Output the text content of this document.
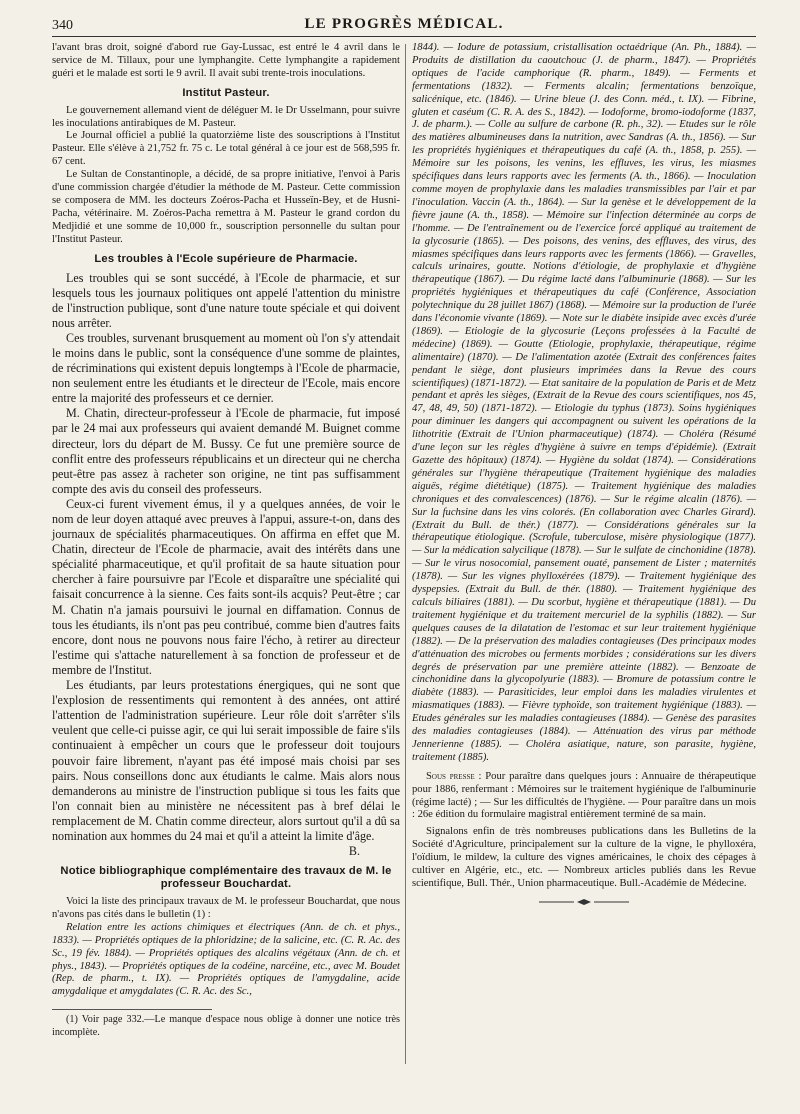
340	LE PROGRÈS MÉDICAL.

l'avant bras droit, soigné d'abord rue Gay-Lussac, est entré le 4 avril dans le service de M. Tillaux, pour une lymphangite. Cette lymphangite a rapidement guéri et le malade est sorti le 9 avril. Il avait subi trente-trois inoculations.

Institut Pasteur.

Le gouvernement allemand vient de déléguer M. le Dr Usselmann, pour suivre les inoculations antirabiques de M. Pasteur.

Le Journal officiel a publié la quatorzième liste des souscriptions à l'Institut Pasteur. Elle s'élève à 21,752 fr. 75 c. Le total général à ce jour est de 568,595 fr. 67 cent.

Le Sultan de Constantinople, a décidé, de sa propre initiative, l'envoi à Paris d'une commission chargée d'étudier la méthode de M. Pasteur. Cette commission se composera de MM. les docteurs Zoéros-Pacha et Husseïn-Bey, et de Husni-Pacha, vétérinaire. M. Zoéros-Pacha remettra à M. Pasteur le grand cordon du Medjidié et une somme de 10,000 fr., souscription personnelle du sultan pour l'Institut Pasteur.

Les troubles à l'Ecole supérieure de Pharmacie.

Les troubles qui se sont succédé, à l'Ecole de pharmacie, et sur lesquels tous les journaux politiques ont appelé l'attention du ministre de l'instruction publique, sont d'une nature toute spéciale et qui doivent nous arrêter.

Ces troubles, survenant brusquement au moment où l'on s'y attendait le moins dans le public, sont la conséquence d'une somme de plaintes, de récriminations qui existent depuis longtemps à l'Ecole de pharmacie, non seulement entre les étudiants et le directeur de l'Ecole, mais encore entre la majorité des professeurs et ce dernier.

M. Chatin, directeur-professeur à l'Ecole de pharmacie, fut imposé par le 24 mai aux professeurs qui avaient demandé M. Buignet comme directeur, lors du départ de M. Bussy. Ce fut une première source de conflit entre des professeurs républicains et un directeur qui ne chercha peut-être pas assez à racheter son origine, ne tint pas suffisamment compte des avis du conseil des professeurs.

Ceux-ci furent vivement émus, il y a quelques années, de voir le nom de leur doyen attaqué avec preuves à l'appui, assure-t-on, dans des journaux de spécialités pharmaceutiques. On affirma en effet que M. Chatin, directeur de l'Ecole de pharmacie, avait des intérêts dans une spécialité pharmaceutique, et qu'il profitait de sa haute situation pour chercher à faire poursuivre par l'Ecole et disparaître une spécialité qui faisait concurrence à la sienne. Ces faits sont-ils acquis? Peut-être ; car M. Chatin n'a jamais poursuivi le journal en diffamation. Connus de tous les étudiants, ils n'ont pas peu contribué, comme bien d'autres faits encore, dont nous ne pouvons nous faire l'écho, à retirer au directeur l'estime qui s'attache naturellement à sa fonction de professeur et de membre de l'Institut.

Les étudiants, par leurs protestations énergiques, qui ne sont que l'explosion de ressentiments qui remontent à des années, ont attiré l'attention de l'administration supérieure. Leur rôle doit s'arrêter s'ils veulent que celle-ci puisse agir, ce qui lui serait impossible de faire s'ils continuaient à empêcher un cours que le professeur doit toujours pouvoir faire librement, n'ayant pas été imposé mais choisi par ses pairs. Nous conseillons donc aux étudiants le calme. Mais alors nous demanderons au ministre de l'instruction publique si tous les faits que l'on connait bien au ministère ne nécessitent pas à bref délai le remplacement de M. Chatin comme directeur, alors surtout qu'il a dû sa nomination aux hommes du 24 mai et qu'il a atteint la limite d'âge.

B.

Notice bibliographique complémentaire des travaux de M. le professeur Bouchardat.

Voici la liste des principaux travaux de M. le professeur Bouchardat, que nous n'avons pas cités dans le bulletin (1) :

Relation entre les actions chimiques et électriques (Ann. de ch. et phys., 1833). — Propriétés optiques de la phloridzine; de la salicine, etc. (C. R. Ac. des Sc., 19 fév. 1884). — Propriétés optiques des alcalins végétaux (Ann. de ch. et phys., 1843). — Propriétés optiques de la codéine, narcéine, etc., avec M. Boudet (Rep. de pharm., t. IX). — Propriétés optiques de l'amygdaline, acide amygdalique et amygdalates (C. R. Ac. des Sc.,

(1) Voir page 332.—Le manque d'espace nous oblige à donner une notice très incomplète.

1844). — Iodure de potassium, cristallisation octaédrique (An. Ph., 1884). — Produits de distillation du caoutchouc (J. de pharm., 1847). — Propriétés optiques de l'acide camphorique (R. pharm., 1849). — Ferments et fermentations (1832). — Ferments alcalin; fermentations benzoïque, salicénique, etc. (1846). — Urine bleue (J. des Conn. méd., t. IX). — Fibrine, gluten et caséum (C. R. A. des S., 1842). — Iodoforme, bromo-iodoforme (1837, J. de pharm.). — Colle au sulfure de carbone (R. ph., 32). — Etudes sur le rôle des matières albumineuses dans la nutrition, avec Sandras (A. th., 1856). — Sur les propriétés hygiéniques et thérapeutiques du café (A. th., 1858, p. 255). — Mémoire sur les poisons, les venins, les effluves, les virus, les miasmes spécifiques dans leurs rapports avec les ferments (A. th., 1866). — Inoculation comme moyen de prophylaxie dans les maladies transmissibles par l'air et par l'inoculation. Vaccin (A. th., 1864). — Sur la genèse et le développement de la fièvre jaune (A. th., 1858). — Mémoire sur l'infection déterminée au corps de l'homme. — De l'entraînement ou de l'exercice forcé appliqué au traitement de la glycosurie (1865). — Des poisons, des venins, des effluves, des virus, des miasmes spécifiques dans leurs rapports avec les ferments (1866). — Gravelles, calculs urinaires, goutte. Notions d'étiologie, de prophylaxie et d'hygiène thérapeutique (1867). — Du régime lacté dans l'albuminurie (1868). — Sur les propriétés hygiéniques et thérapeutiques du café (Conférence, Association polytechnique du 28 juillet 1867) (1868). — Mémoire sur la production de l'urée dans l'économie vivante (1869). — Note sur le diabète insipide avec excès d'urée (1869). — Etiologie de la glycosurie (Leçons professées à la Faculté de médecine) (1869). — Goutte (Etiologie, prophylaxie, thérapeutique, régime alimentaire) (1870). — De l'alimentation azotée (Extrait des conférences faites pendant le siège, dont plusieurs imprimées dans la Revue des cours scientifiques) (1871-1872). — Etat sanitaire de la population de Paris et de Metz pendant et après les sièges, (Extrait de la Revue des cours scientifiques, nos 45, 47, 48, 49, 50) (1871-1872). — Etiologie du typhus (1873). Soins hygiéniques pour diminuer les dangers qui accompagnent ou suivent les opérations de la lithotritie (Extrait de l'Union pharmaceutique) (1874). — Choléra (Résumé d'une leçon sur les règles d'hygiène à suivre en temps d'épidémie). (Extrait Gazette des hôpitaux) (1874). — Hygiène du soldat (1874). — Considérations générales sur l'hygiène thérapeutique (Traitement hygiénique des maladies aiguës, régime diététique) (1875). — Traitement hygiénique des maladies chroniques et des convalescences) (1876). — Sur le régime alcalin (1876). — Sur la fuchsine dans les vins colorés. (En collaboration avec Charles Girard). (Extrait du Bull. de thér.) (1877). — Considérations générales sur la thérapeutique étiologique. (Scrofule, tuberculose, misère physiologique (1877). — Sur la médication salycilique (1878). — Sur le sulfate de cinchonidine (1878). — Sur le virus nosocomial, pansement ouaté, pansement de Lister ; maternités (1878). — Sur les vignes phylloxérées (1879). — Traitement hygiénique des dyspepsies. (Extrait du Bull. de thér. (1880). — Traitement hygiénique des calculs biliaires (1881). — Du scorbut, hygiène et thérapeutique (1881). — Du traitement hygiénique et du traitement mercuriel de la syphilis (1882). — Sur quelques causes de la dilatation de l'estomac et sur leur traitement hygiénique (1882). — De la préservation des maladies contagieuses (Des principaux modes d'atténuation des microbes ou ferments morbides ; considérations sur les divers degrés de préservation par une première atteinte (1882). — Benzoate de cinchonidine dans la glycopolyurie (1883). — Bromure de potassium contre le diabète (1883). — Parasiticides, leur emploi dans les maladies virulentes et miasmatiques (1883). — Fièvre typhoïde, son traitement hygiénique (1883). — Etudes générales sur les maladies contagieuses (1884). — Genèse des parasites des maladies contagieuses (1884). — Atténuation des virus par méthode Jennerienne (1885). — Choléra asiatique, nature, son parasite, hygiène, traitement (1885).

Sous presse : Pour paraître dans quelques jours : Annuaire de thérapeutique pour 1886, renfermant : Mémoires sur le traitement hygiénique de l'albuminurie (régime lacté) ; — Sur les difficultés de l'hygiène. — Pour paraître dans un mois : 26e édition du formulaire magistral entièrement terminé de sa main.

Signalons enfin de très nombreuses publications dans les Bulletins de la Société d'Agriculture, principalement sur la culture de la vigne, le phylloxéra, l'oïdium, le mildew, la culture des vignes américaines, le choix des cépages à cultiver en Algérie, etc., etc. — Nombreux articles publiés dans les Revue scientifique, Bull. Thér., Union pharmaceutique. Bull.-Académie de Médecine.
